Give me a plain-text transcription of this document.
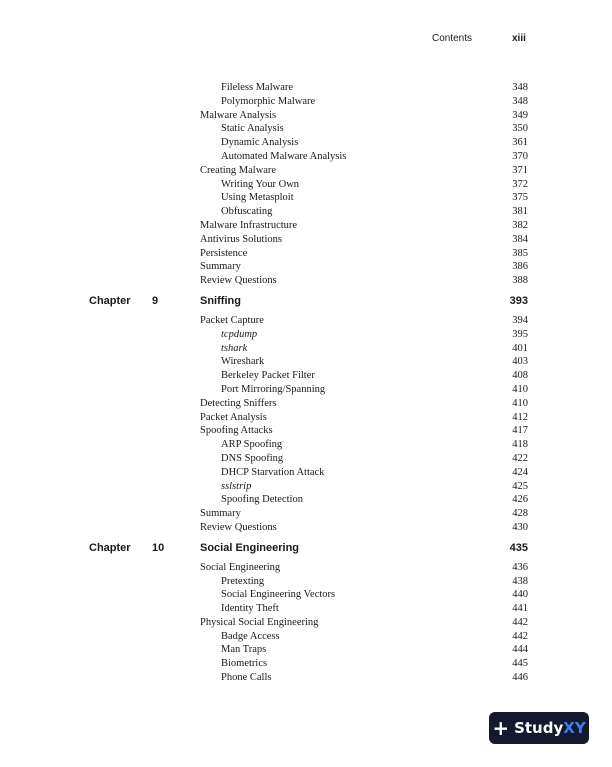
Contents	xiii
Fileless Malware	348
Polymorphic Malware	348
Malware Analysis	349
Static Analysis	350
Dynamic Analysis	361
Automated Malware Analysis	370
Creating Malware	371
Writing Your Own	372
Using Metasploit	375
Obfuscating	381
Malware Infrastructure	382
Antivirus Solutions	384
Persistence	385
Summary	386
Review Questions	388
Chapter 9	Sniffing	393
Packet Capture	394
tcpdump	395
tshark	401
Wireshark	403
Berkeley Packet Filter	408
Port Mirroring/Spanning	410
Detecting Sniffers	410
Packet Analysis	412
Spoofing Attacks	417
ARP Spoofing	418
DNS Spoofing	422
DHCP Starvation Attack	424
sslstrip	425
Spoofing Detection	426
Summary	428
Review Questions	430
Chapter 10	Social Engineering	435
Social Engineering	436
Pretexting	438
Social Engineering Vectors	440
Identity Theft	441
Physical Social Engineering	442
Badge Access	442
Man Traps	444
Biometrics	445
Phone Calls	446
+ Study XY
